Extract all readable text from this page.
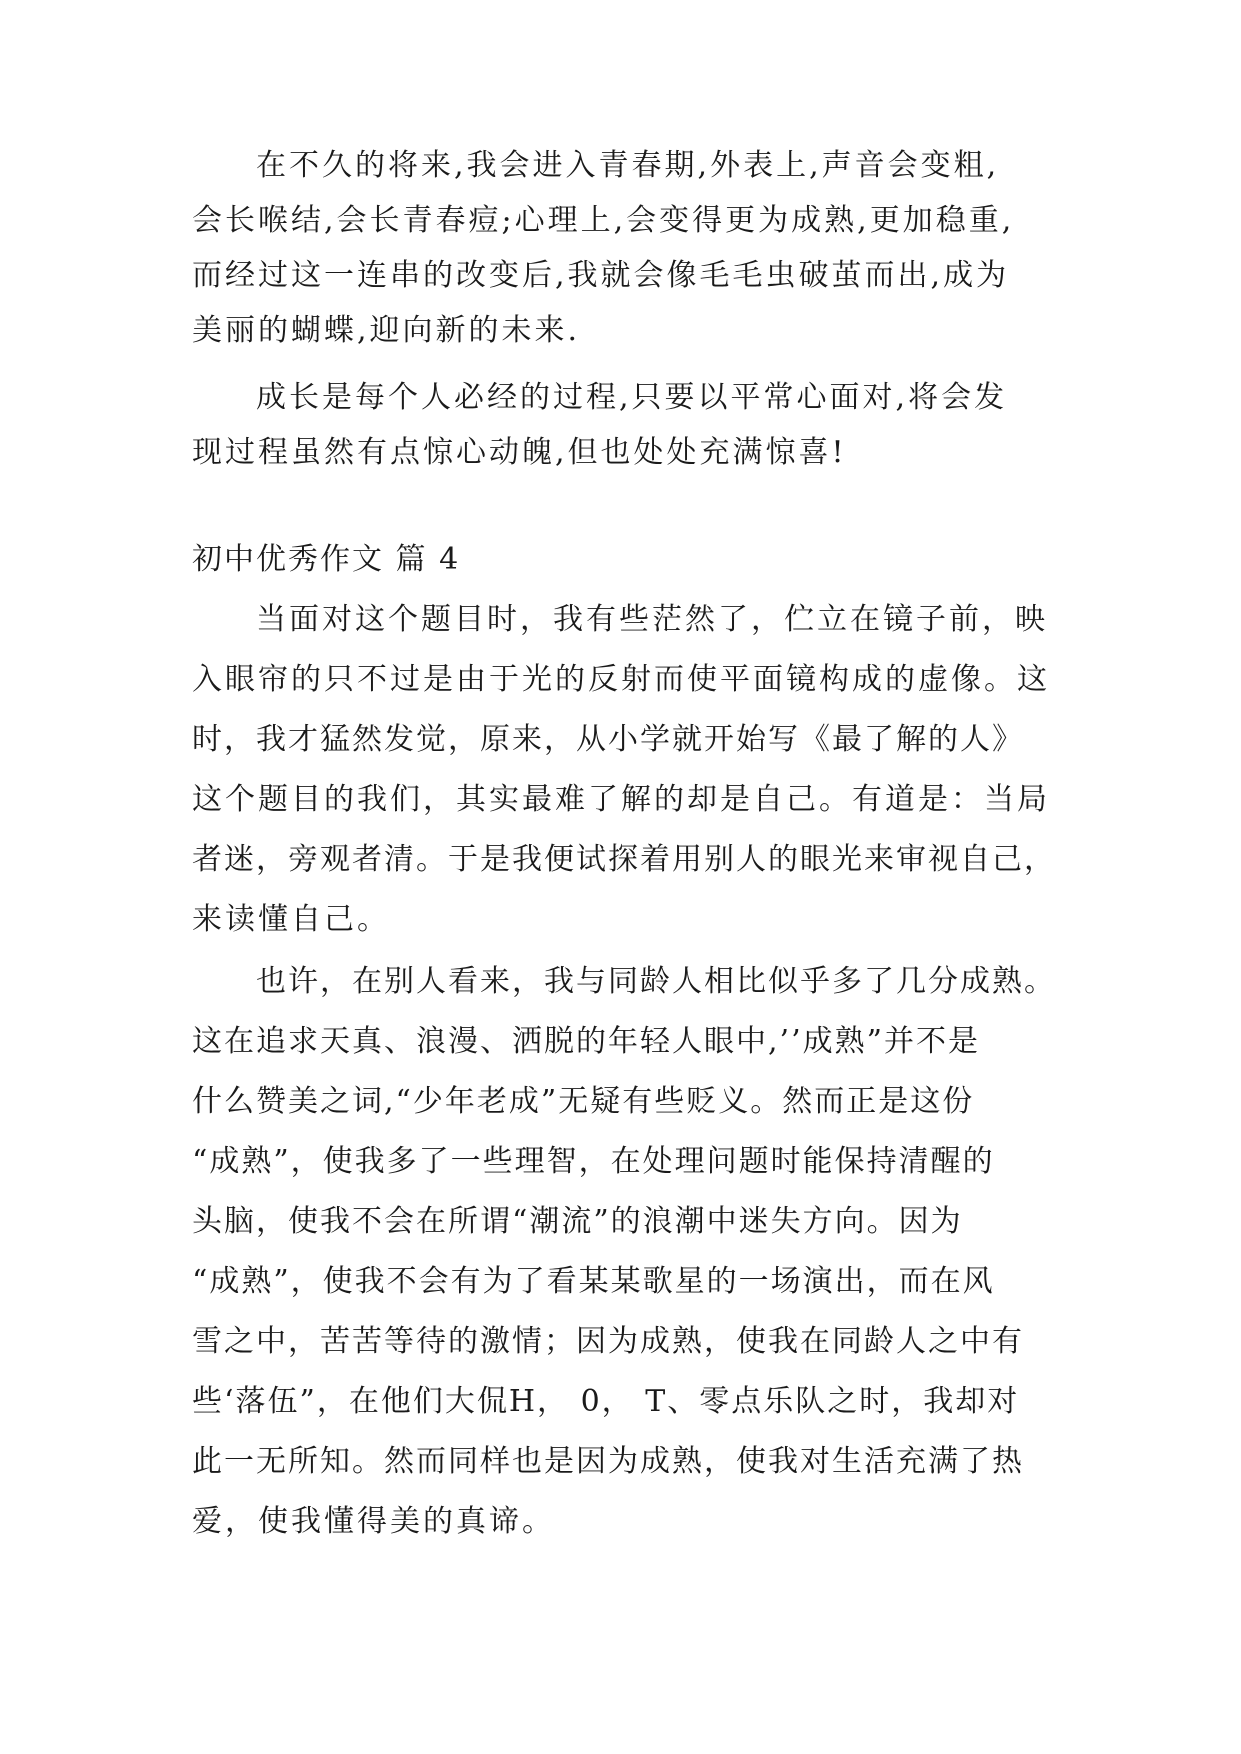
在不久的将来,我会进入青春期,外表上,声音会变粗,

会长喉结,会长青春痘;心理上,会变得更为成熟,更加稳重,

而经过这一连串的改变后,我就会像毛毛虫破茧而出,成为

美丽的蝴蝶,迎向新的未来.

成长是每个人必经的过程,只要以平常心面对,将会发

现过程虽然有点惊心动魄,但也处处充满惊喜!

初中优秀作文 篇 4

当面对这个题目时，我有些茫然了，伫立在镜子前，映

入眼帘的只不过是由于光的反射而使平面镜构成的虚像。这

时，我才猛然发觉，原来，从小学就开始写《最了解的人》

这个题目的我们，其实最难了解的却是自己。有道是：当局

者迷，旁观者清。于是我便试探着用别人的眼光来审视自己，

来读懂自己。

也许，在别人看来，我与同龄人相比似乎多了几分成熟。

这在追求天真、浪漫、洒脱的年轻人眼中,’’成熟”并不是

什么赞美之词,“少年老成”无疑有些贬义。然而正是这份

“成熟”，使我多了一些理智，在处理问题时能保持清醒的

头脑，使我不会在所谓“潮流”的浪潮中迷失方向。因为

“成熟”，使我不会有为了看某某歌星的一场演出，而在风

雪之中，苦苦等待的激情；因为成熟，使我在同龄人之中有

些‘落伍”，在他们大侃H， 0， T、零点乐队之时，我却对

此一无所知。然而同样也是因为成熟，使我对生活充满了热

爱，使我懂得美的真谛。
